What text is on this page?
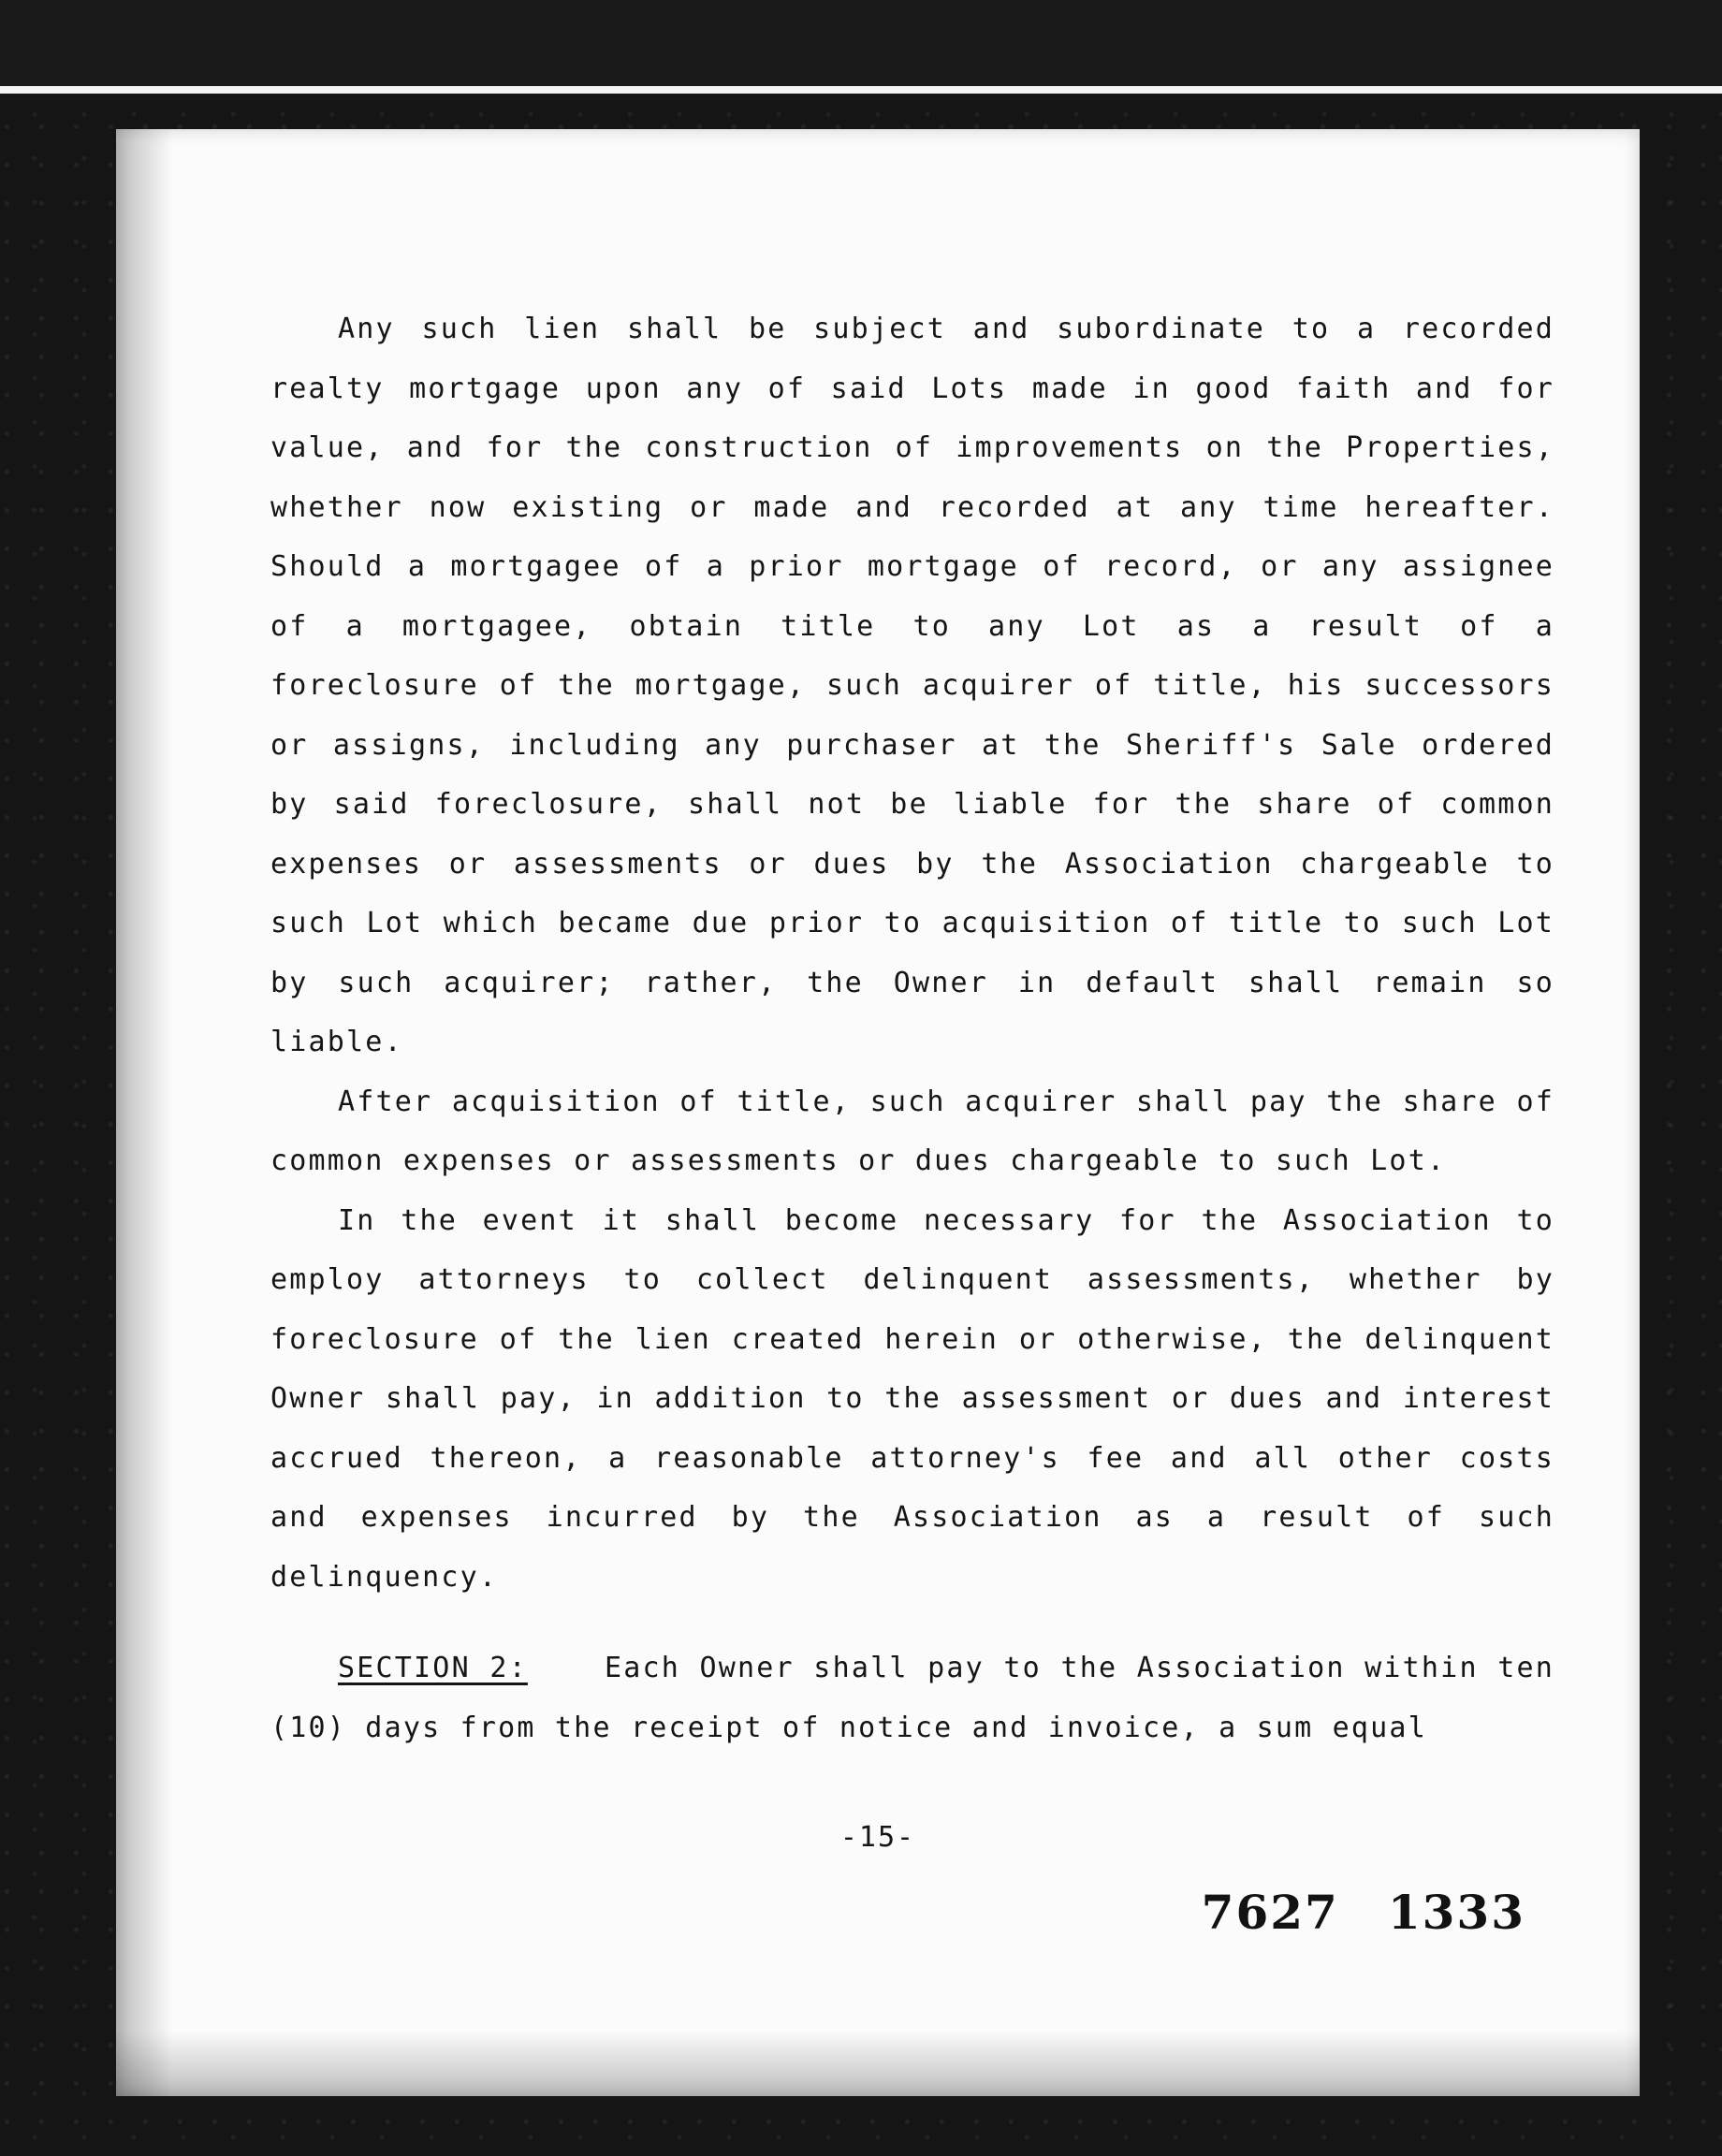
Any such lien shall be subject and subordinate to a recorded realty mortgage upon any of said Lots made in good faith and for value, and for the construction of improvements on the Properties, whether now existing or made and recorded at any time hereafter. Should a mortgagee of a prior mortgage of record, or any assignee of a mortgagee, obtain title to any Lot as a result of a foreclosure of the mortgage, such acquirer of title, his successors or assigns, including any purchaser at the Sheriff's Sale ordered by said foreclosure, shall not be liable for the share of common expenses or assessments or dues by the Association chargeable to such Lot which became due prior to acquisition of title to such Lot by such acquirer; rather, the Owner in default shall remain so liable.

After acquisition of title, such acquirer shall pay the share of common expenses or assessments or dues chargeable to such Lot.

In the event it shall become necessary for the Association to employ attorneys to collect delinquent assessments, whether by foreclosure of the lien created herein or otherwise, the delinquent Owner shall pay, in addition to the assessment or dues and interest accrued thereon, a reasonable attorney's fee and all other costs and expenses incurred by the Association as a result of such delinquency.

SECTION 2:	Each Owner shall pay to the Association within ten (10) days from the receipt of notice and invoice, a sum equal

-15-
7627 1333
